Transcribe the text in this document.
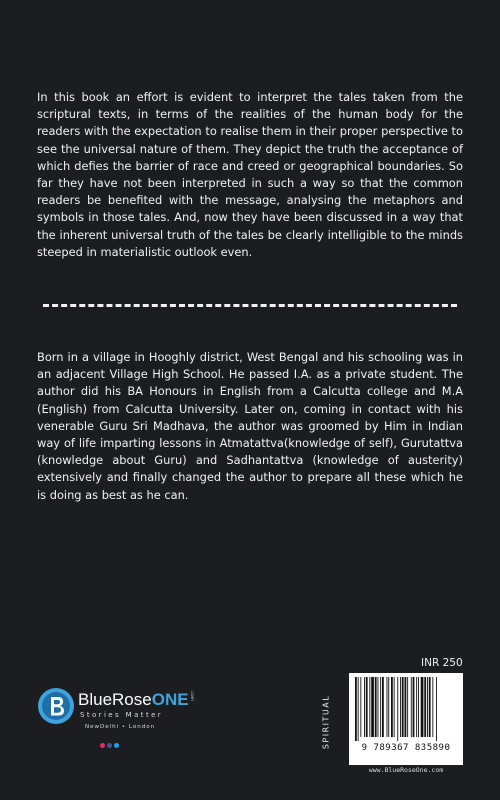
In this book an effort is evident to interpret the tales taken from the scriptural texts, in terms of the realities of the human body for the readers with the expectation to realise them in their proper perspective to see the universal nature of them. They depict the truth the acceptance of which defies the barrier of race and creed or geographical boundaries. So far they have not been interpreted in such a way so that the common readers be benefited with the message, analysing the metaphors and symbols in those tales. And, now they have been discussed in a way that the inherent universal truth of the tales be clearly intelligible to the minds steeped in materialistic outlook even.

Born in a village in Hooghly district, West Bengal and his schooling was in an adjacent Village High School. He passed I.A. as a private student. The author did his BA Honours in English from a Calcutta college and M.A (English) from Calcutta University. Later on, coming in contact with his venerable Guru Sri Madhava, the author was groomed by Him in Indian way of life imparting lessons in Atmatattva(knowledge of self), Gurutattva (knowledge about Guru) and Sadhantattva (knowledge of austerity) extensively and finally changed the author to prepare all these which he is doing as best as he can.

BlueRoseONE .com
Stories Matter
NewDelhi • London
INR 250
SPIRITUAL	9 789367 835890
www.BlueRoseOne.com
